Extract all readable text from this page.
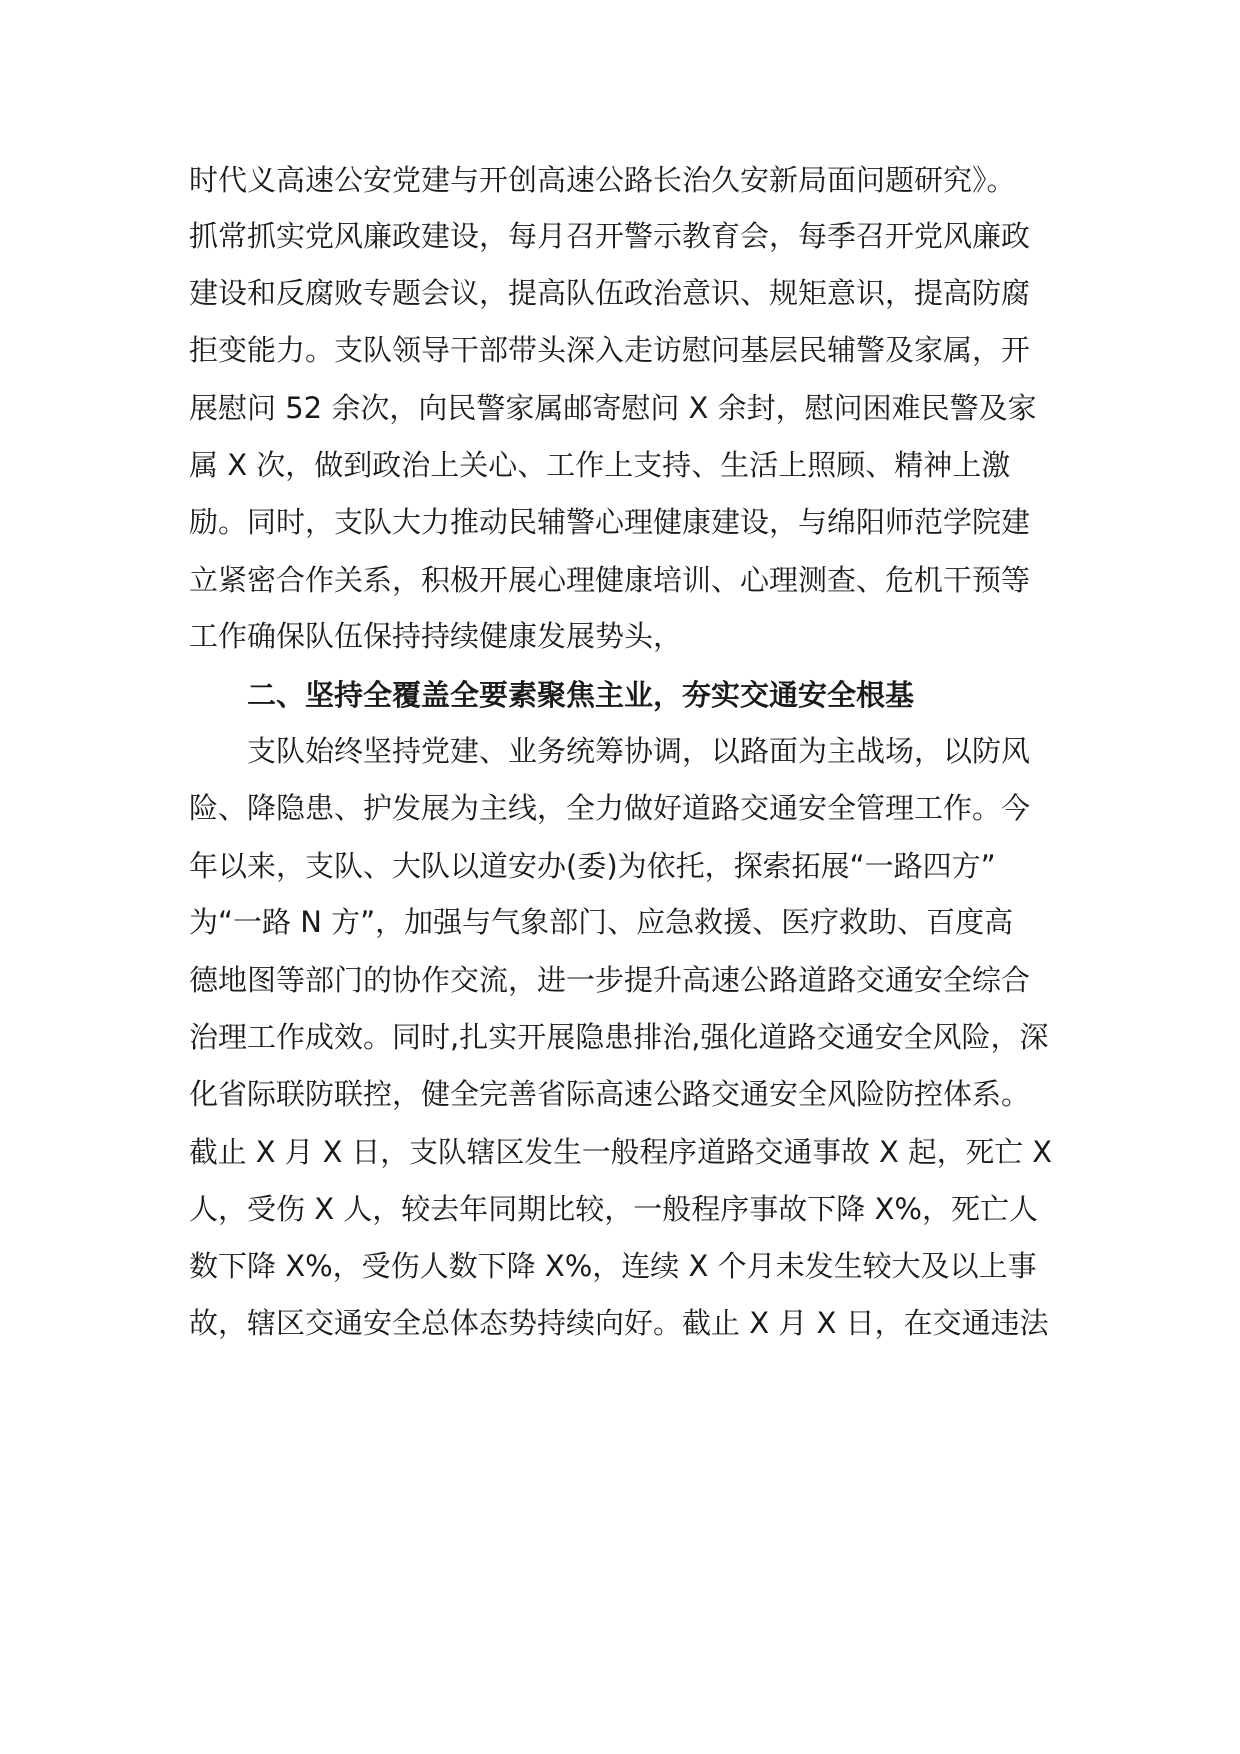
时代义高速公安党建与开创高速公路长治久安新局面问题研究》。
抓常抓实党风廉政建设，每月召开警示教育会，每季召开党风廉政
建设和反腐败专题会议，提高队伍政治意识、规矩意识，提高防腐
拒变能力。支队领导干部带头深入走访慰问基层民辅警及家属，开
展慰问 52 余次，向民警家属邮寄慰问 X 余封，慰问困难民警及家
属 X 次，做到政治上关心、工作上支持、生活上照顾、精神上激
励。同时，支队大力推动民辅警心理健康建设，与绵阳师范学院建
立紧密合作关系，积极开展心理健康培训、心理测查、危机干预等
工作确保队伍保持持续健康发展势头，
二、坚持全覆盖全要素聚焦主业，夯实交通安全根基
支队始终坚持党建、业务统筹协调，以路面为主战场，以防风
险、降隐患、护发展为主线，全力做好道路交通安全管理工作。今
年以来，支队、大队以道安办(委)为依托，探索拓展“一路四方”
为“一路 N 方”，加强与气象部门、应急救援、医疗救助、百度高
德地图等部门的协作交流，进一步提升高速公路道路交通安全综合
治理工作成效。同时,扎实开展隐患排治,强化道路交通安全风险，深
化省际联防联控，健全完善省际高速公路交通安全风险防控体系。
截止 X 月 X 日，支队辖区发生一般程序道路交通事故 X 起，死亡 X
人，受伤 X 人，较去年同期比较，一般程序事故下降 X%，死亡人
数下降 X%，受伤人数下降 X%，连续 X 个月未发生较大及以上事
故，辖区交通安全总体态势持续向好。截止 X 月 X 日，在交通违法
